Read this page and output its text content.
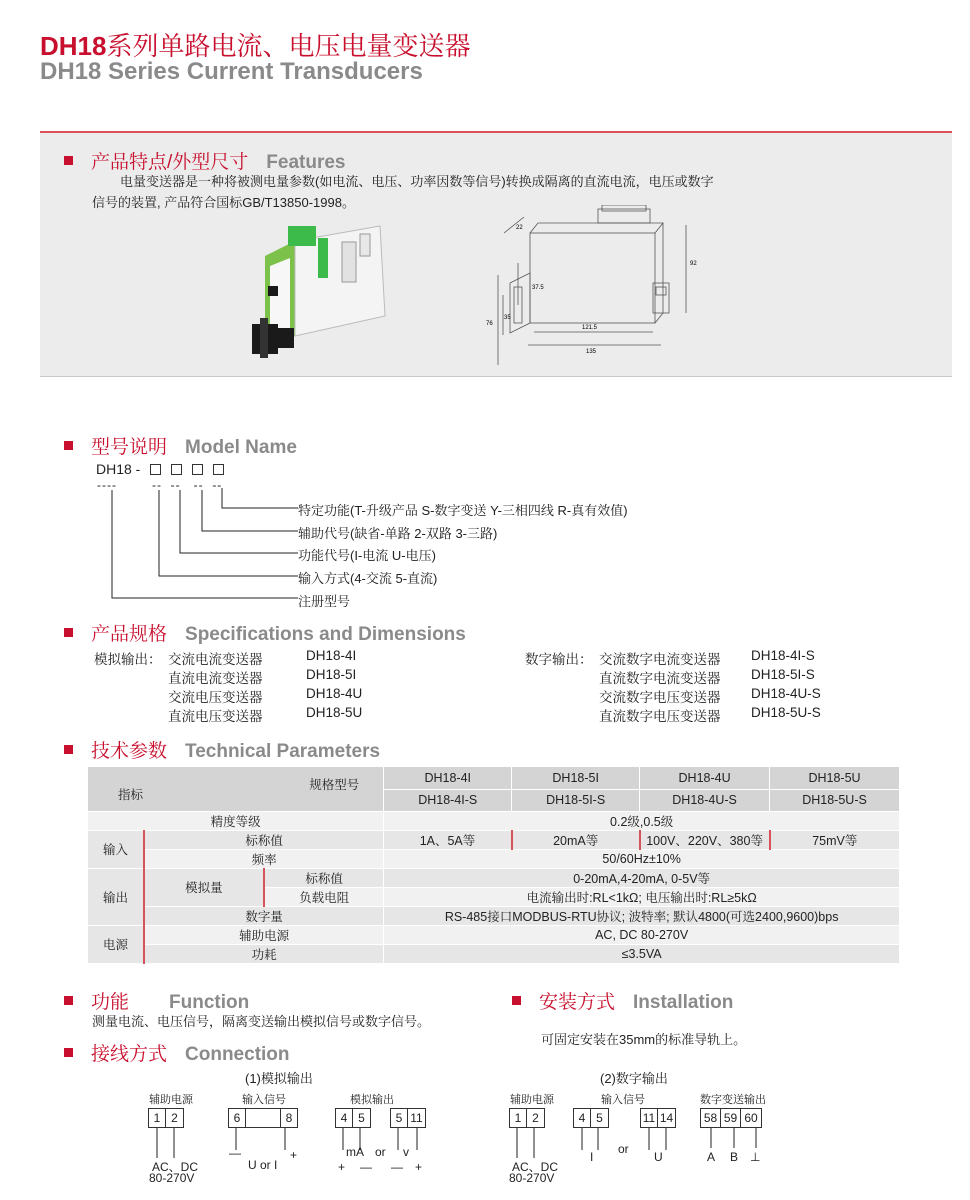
DH18系列单路电流、电压电量变送器
DH18 Series Current Transducers
产品特点/外型尺寸 Features
电量变送器是一种将被测电量参数(如电流、电压、功率因数等信号)转换成隔离的直流电流，电压或数字
信号的装置, 产品符合国标GB/T13850-1998。
22
92
37.5
35
76
121.5
135
型号说明 Model Name
DH18 -
----	--  --   --  --
特定功能(T-升级产品 S-数字变送 Y-三相四线 R-真有效值)
辅助代号(缺省-单路 2-双路 3-三路)
功能代号(I-电流 U-电压)
输入方式(4-交流 5-直流)
注册型号
产品规格 Specifications and Dimensions
模拟输出： 交流电流变送器	DH18-4I
直流电流变送器	DH18-5I
交流电压变送器	DH18-4U
直流电压变送器	DH18-5U
数字输出： 交流数字电流变送器 DH18-4I-S
直流数字电流变送器 DH18-5I-S
交流数字电压变送器 DH18-4U-S
直流数字电压变送器 DH18-5U-S
技术参数 Technical Parameters
规格型号
指标			DH18-4I	DH18-5I	DH18-4U	DH18-5U
			DH18-4I-S	DH18-5I-S	DH18-4U-S	DH18-5U-S
精度等级			0.2级,0.5级			
输入	标称值		1A、5A等	20mA等	100V、220V、380等	75mV等
	频率		50/60Hz±10%			
输出	模拟量	标称值	0-20mA,4-20mA, 0-5V等			
		负载电阻	电流输出时:RL<1kΩ; 电压输出时:RL≥5kΩ			
	数字量		RS-485接口MODBUS-RTU协议; 波特率; 默认4800(可选2400,9600)bps			
电源	辅助电源		AC, DC 80-270V			
	功耗		≤3.5VA			
功能 Function
测量电流、电压信号，隔离变送输出模拟信号或数字信号。
安装方式 Installation
可固定安装在35mm的标准导轨上。
接线方式 Connection
(1)模拟输出	(2)数字输出
辅助电源	输入信号	模拟输出	辅助电源	输入信号	数字变送输出
1 2	6	8	4 5	5 11
—	+
U or I
mA or v
+ — — +
AC、DC
80-270V
1 2	4 5	11 14	58 59 60
I
or
U	A B ⊥
AC、DC
80-270V
